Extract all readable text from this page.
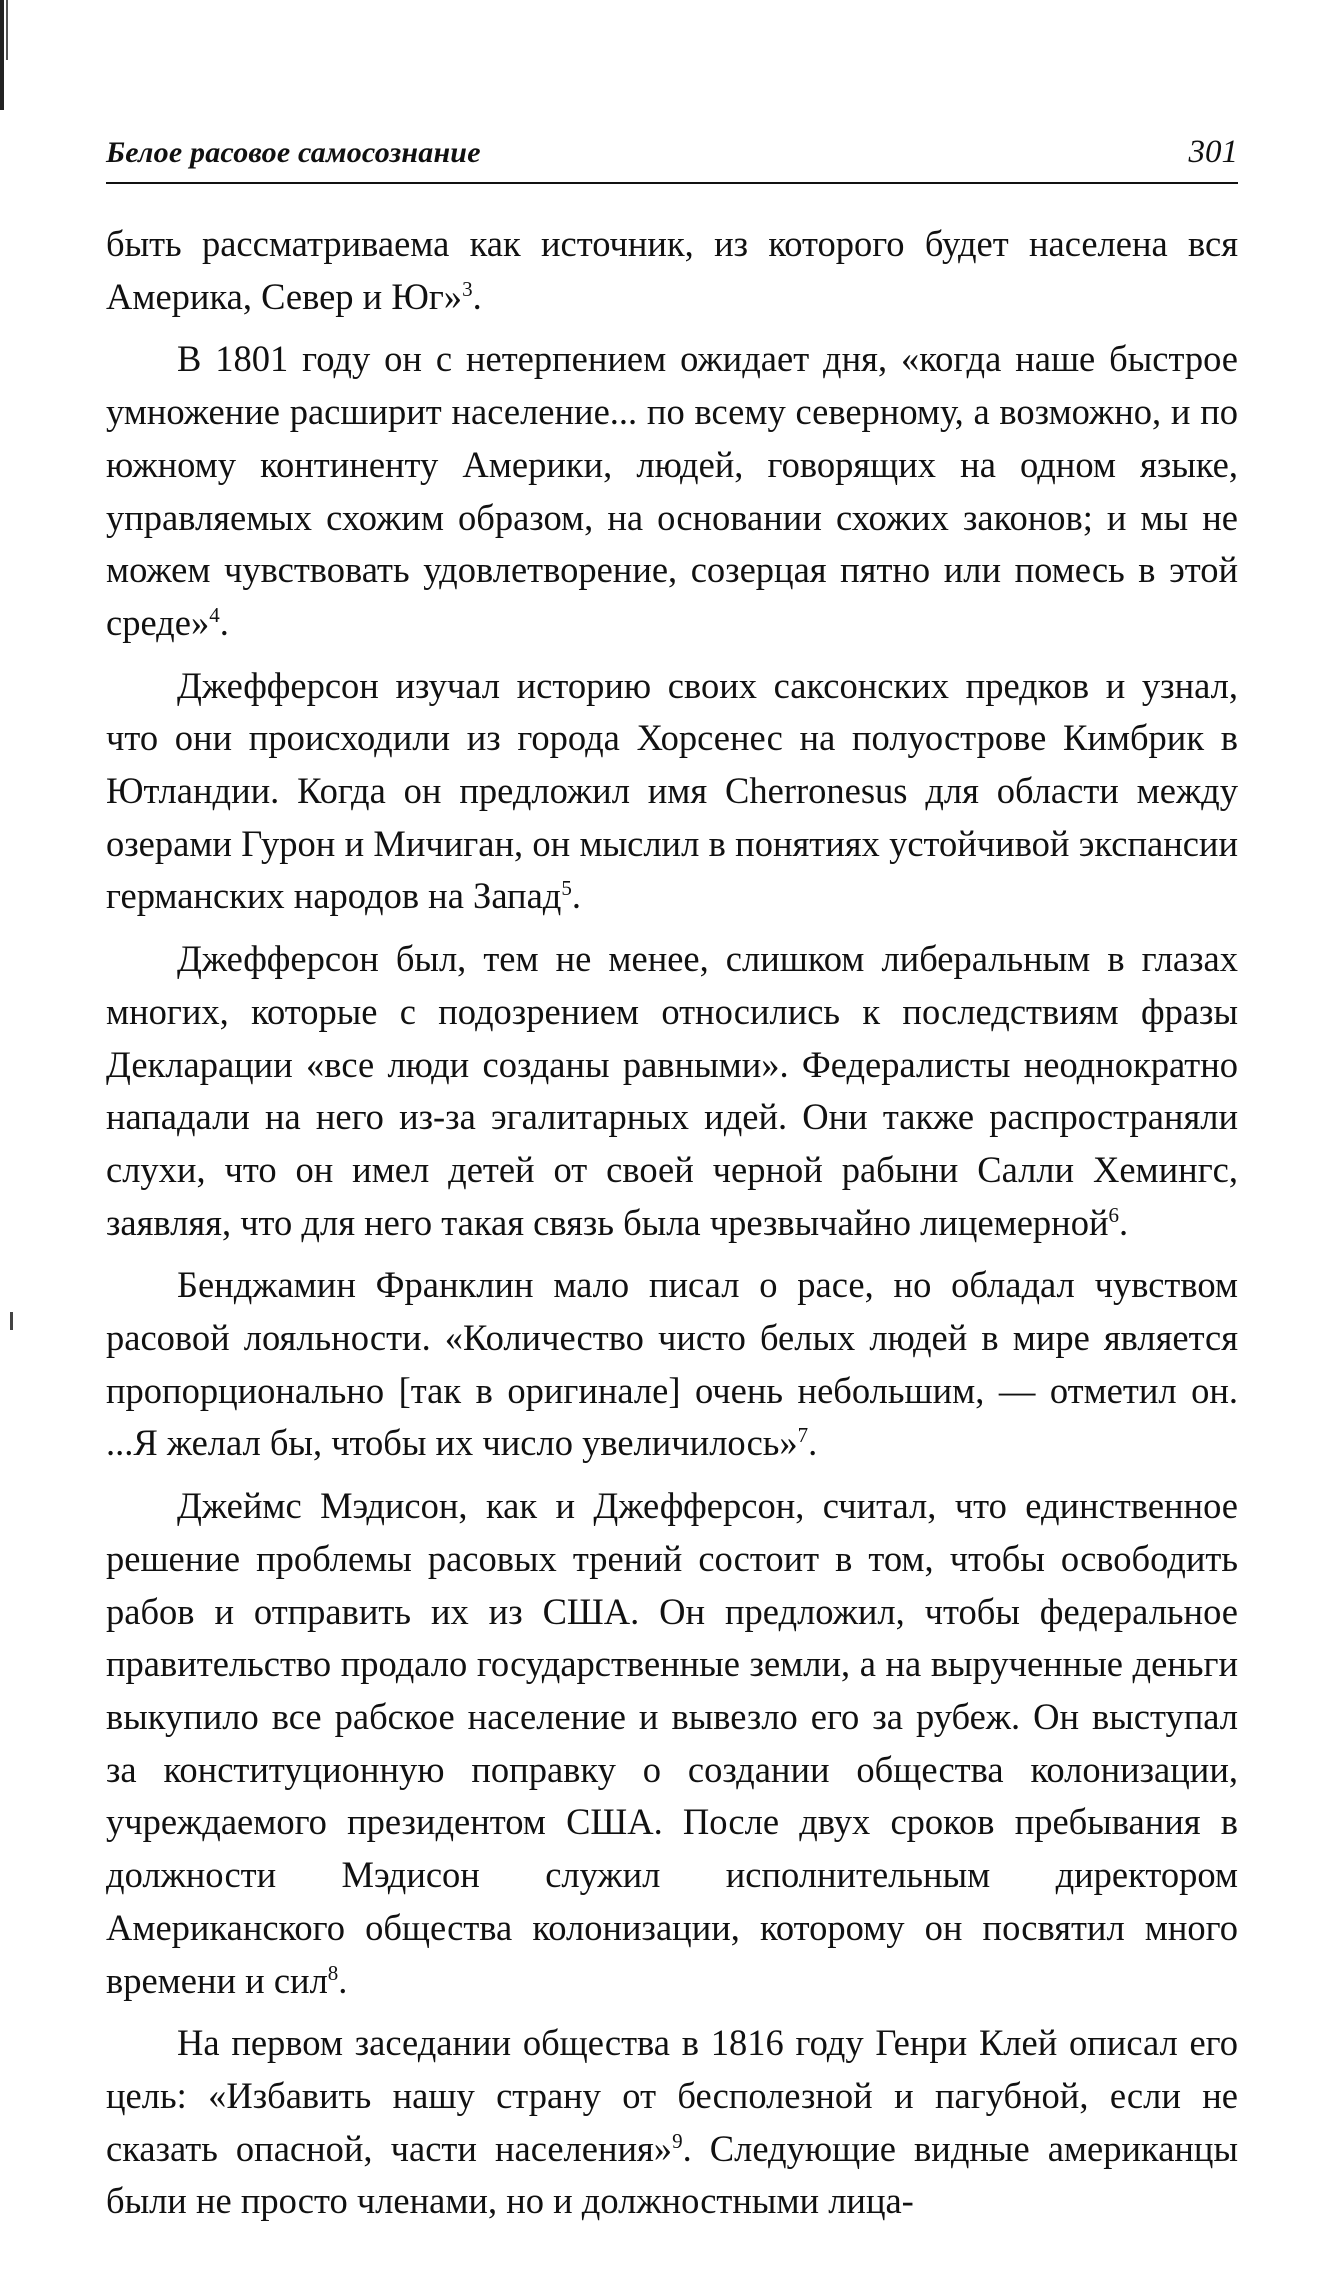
Белое расовое самосознание	301

быть рассматриваема как источник, из которого будет населена вся Америка, Север и Юг»$^3$.

В 1801 году он с нетерпением ожидает дня, «когда наше быстрое умножение расширит население... по всему северному, а возможно, и по южному континенту Америки, людей, говорящих на одном языке, управляемых схожим образом, на основании схожих законов; и мы не можем чувствовать удовлетворение, созерцая пятно или помесь в этой среде»$^4$.

Джефферсон изучал историю своих саксонских предков и узнал, что они происходили из города Хорсенес на полуострове Кимбрик в Ютландии. Когда он предложил имя Cherronesus для области между озерами Гурон и Мичиган, он мыслил в понятиях устойчивой экспансии германских народов на Запад$^5$.

Джефферсон был, тем не менее, слишком либеральным в глазах многих, которые с подозрением относились к последствиям фразы Декларации «все люди созданы равными». Федералисты неоднократно нападали на него из-за эгалитарных идей. Они также распространяли слухи, что он имел детей от своей черной рабыни Салли Хемингс, заявляя, что для него такая связь была чрезвычайно лицемерной$^6$.

Бенджамин Франклин мало писал о расе, но обладал чувством расовой лояльности. «Количество чисто белых людей в мире является пропорционально [так в оригинале] очень небольшим, — отметил он. ...Я желал бы, чтобы их число увеличилось»$^7$.

Джеймс Мэдисон, как и Джефферсон, считал, что единственное решение проблемы расовых трений состоит в том, чтобы освободить рабов и отправить их из США. Он предложил, чтобы федеральное правительство продало государственные земли, а на вырученные деньги выкупило все рабское население и вывезло его за рубеж. Он выступал за конституционную поправку о создании общества колонизации, учреждаемого президентом США. После двух сроков пребывания в должности Мэдисон служил исполнительным директором Американского общества колонизации, которому он посвятил много времени и сил$^8$.

На первом заседании общества в 1816 году Генри Клей описал его цель: «Избавить нашу страну от бесполезной и пагубной, если не сказать опасной, части населения»$^9$. Следующие видные американцы были не просто членами, но и должностными лица-
